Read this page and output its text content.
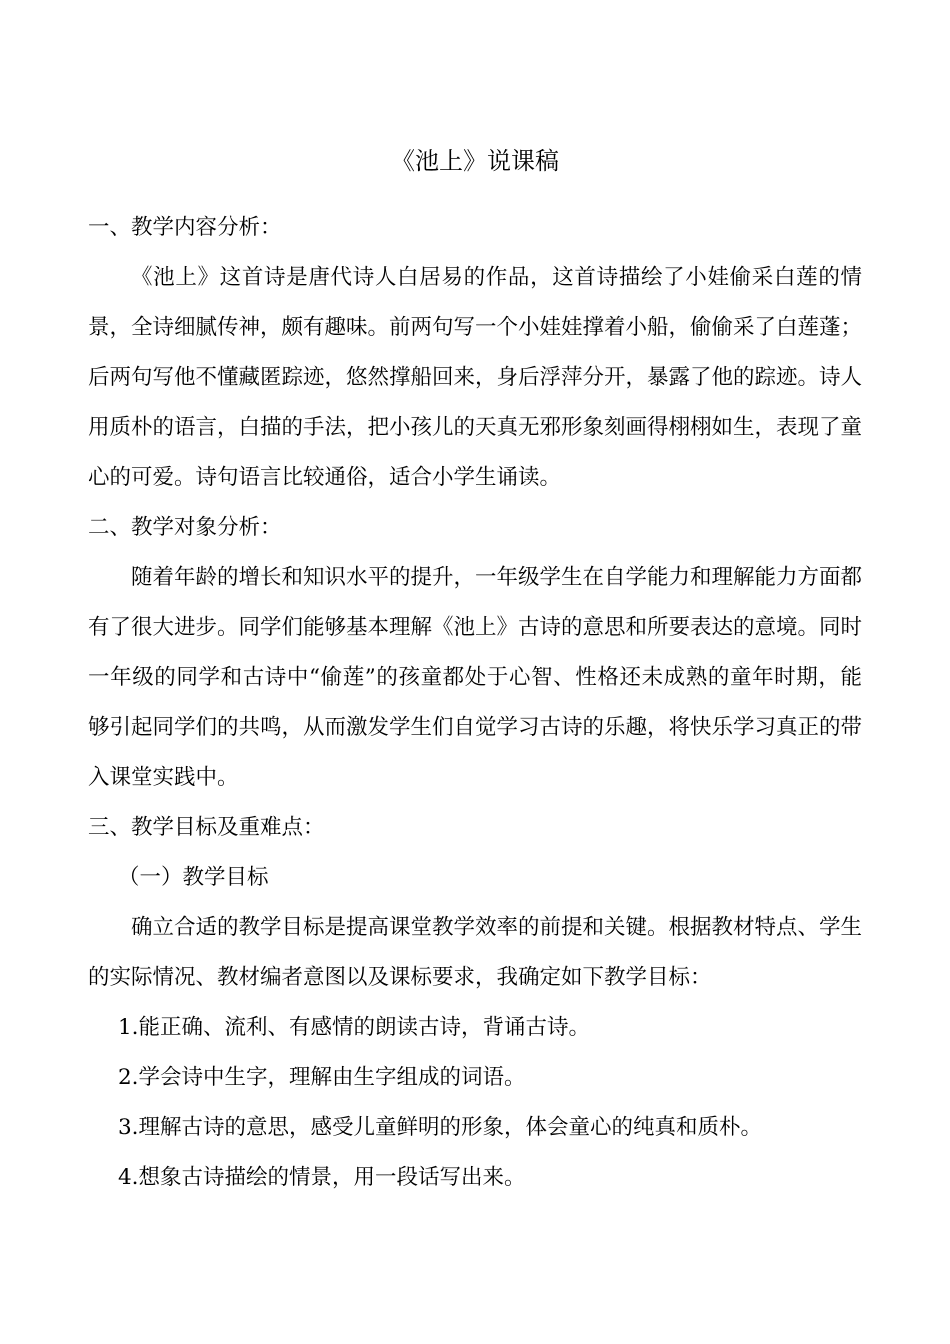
《池上》说课稿

一、教学内容分析：

《池上》这首诗是唐代诗人白居易的作品，这首诗描绘了小娃偷采白莲的情景，全诗细腻传神，颇有趣味。前两句写一个小娃娃撑着小船，偷偷采了白莲蓬；后两句写他不懂藏匿踪迹，悠然撑船回来，身后浮萍分开，暴露了他的踪迹。诗人用质朴的语言，白描的手法，把小孩儿的天真无邪形象刻画得栩栩如生，表现了童心的可爱。诗句语言比较通俗，适合小学生诵读。

二、教学对象分析：

随着年龄的增长和知识水平的提升，一年级学生在自学能力和理解能力方面都有了很大进步。同学们能够基本理解《池上》古诗的意思和所要表达的意境。同时一年级的同学和古诗中“偷莲”的孩童都处于心智、性格还未成熟的童年时期，能够引起同学们的共鸣，从而激发学生们自觉学习古诗的乐趣，将快乐学习真正的带入课堂实践中。

三、教学目标及重难点：

（一）教学目标

确立合适的教学目标是提高课堂教学效率的前提和关键。根据教材特点、学生的实际情况、教材编者意图以及课标要求，我确定如下教学目标：

1.能正确、流利、有感情的朗读古诗，背诵古诗。

2.学会诗中生字，理解由生字组成的词语。

3.理解古诗的意思，感受儿童鲜明的形象，体会童心的纯真和质朴。

4.想象古诗描绘的情景，用一段话写出来。
